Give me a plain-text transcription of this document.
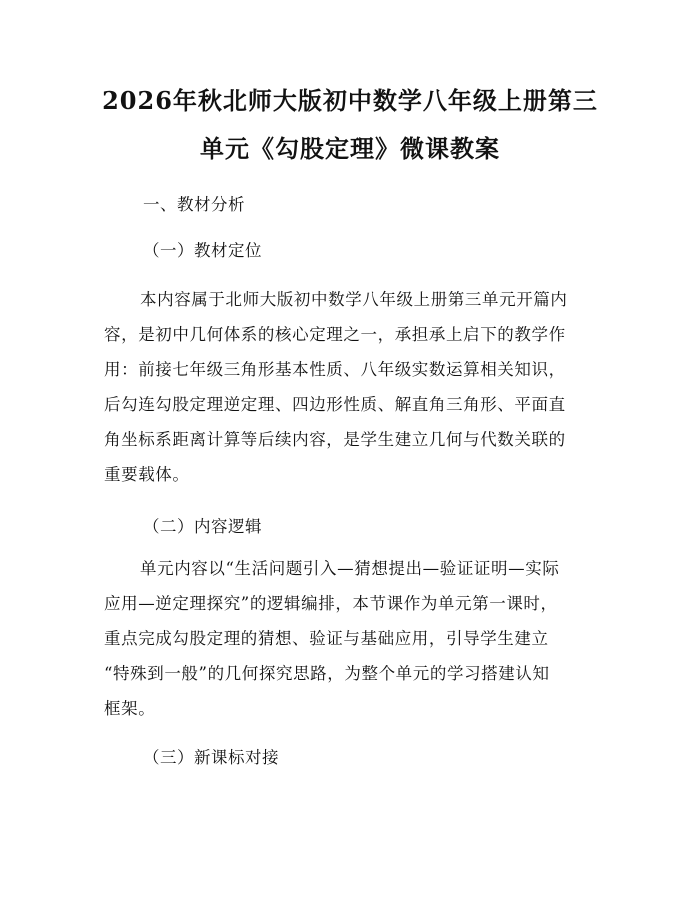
2026年秋北师大版初中数学八年级上册第三
单元《勾股定理》微课教案
一、教材分析
（一）教材定位
本内容属于北师大版初中数学八年级上册第三单元开篇内
容，是初中几何体系的核心定理之一，承担承上启下的教学作
用：前接七年级三角形基本性质、八年级实数运算相关知识，
后勾连勾股定理逆定理、四边形性质、解直角三角形、平面直
角坐标系距离计算等后续内容，是学生建立几何与代数关联的
重要载体。
（二）内容逻辑
单元内容以“生活问题引入—猜想提出—验证证明—实际
应用—逆定理探究”的逻辑编排，本节课作为单元第一课时，
重点完成勾股定理的猜想、验证与基础应用，引导学生建立
“特殊到一般”的几何探究思路，为整个单元的学习搭建认知
框架。
（三）新课标对接
